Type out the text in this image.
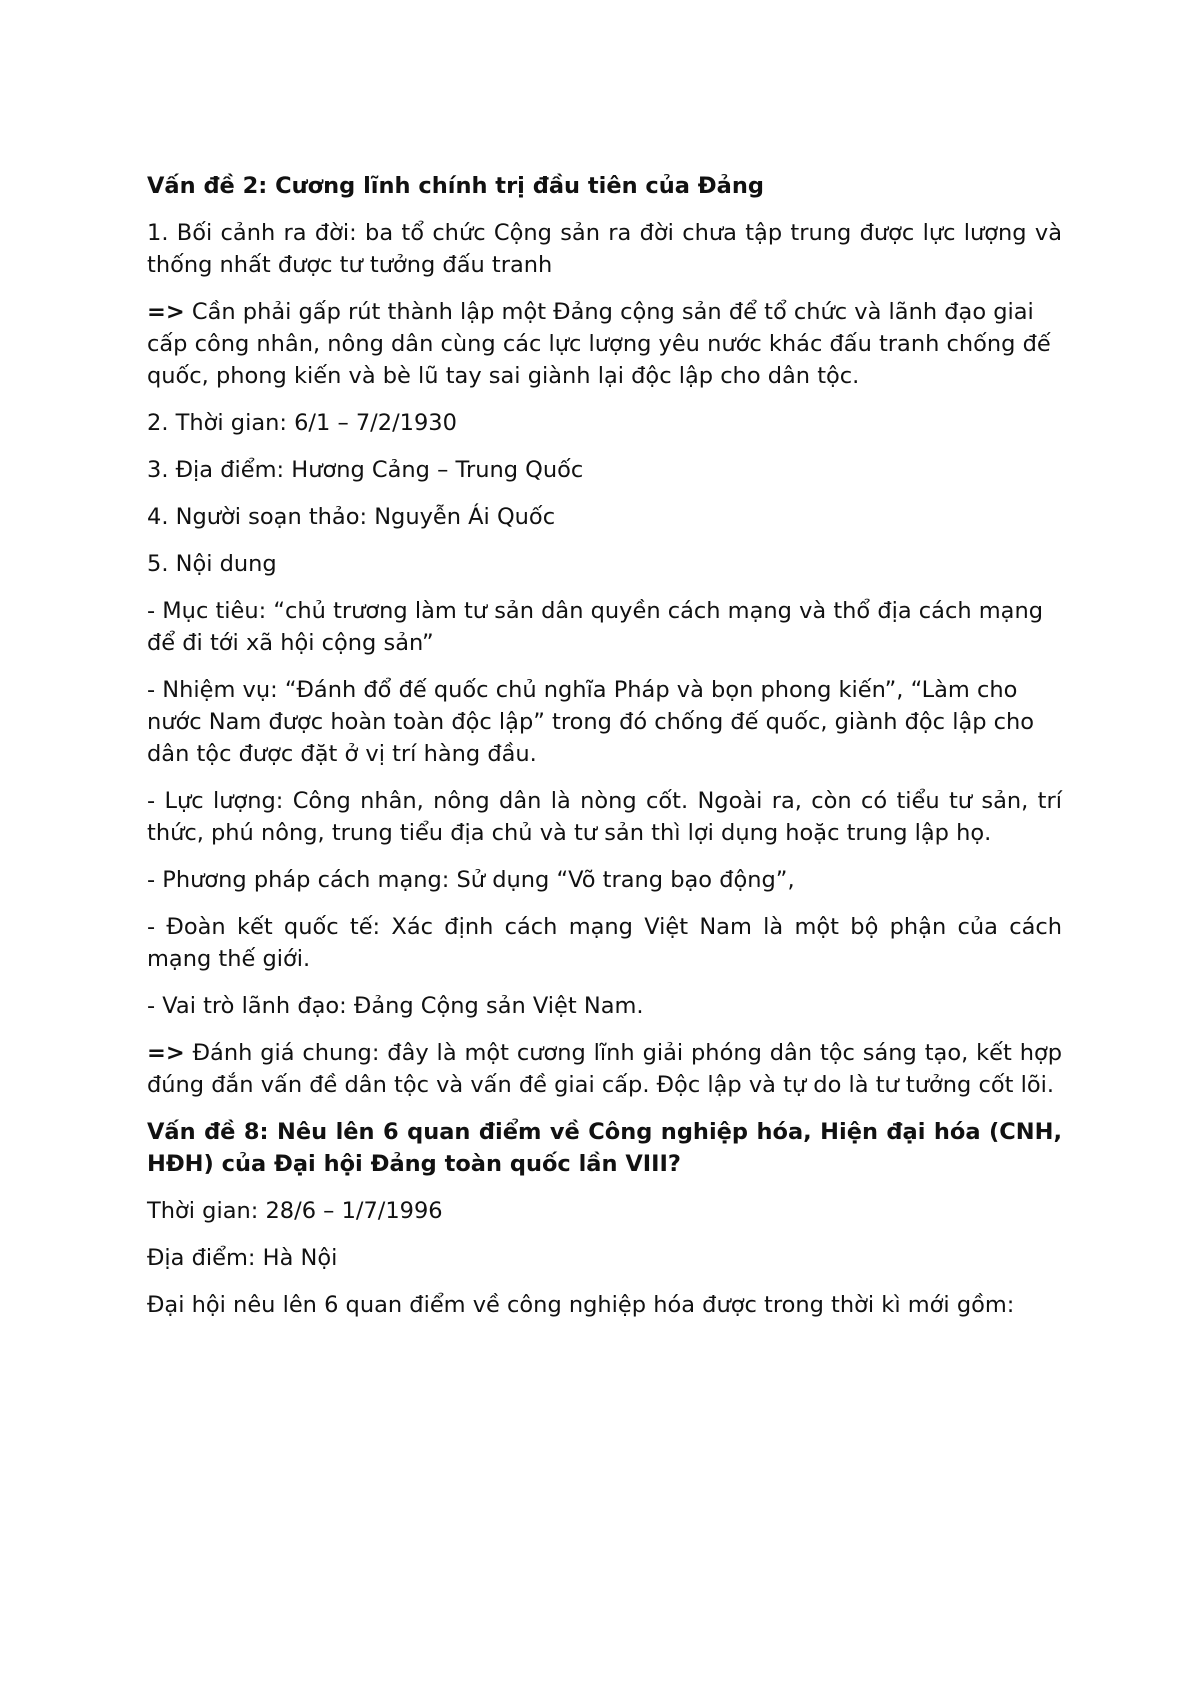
Vấn đề 2: Cương lĩnh chính trị đầu tiên của Đảng

1. Bối cảnh ra đời: ba tổ chức Cộng sản ra đời chưa tập trung được lực lượng và thống nhất được tư tưởng đấu tranh

=> Cần phải gấp rút thành lập một Đảng cộng sản để tổ chức và lãnh đạo giai cấp công nhân, nông dân cùng các lực lượng yêu nước khác đấu tranh chống đế quốc, phong kiến và bè lũ tay sai giành lại độc lập cho dân tộc.

2. Thời gian: 6/1 – 7/2/1930

3. Địa điểm: Hương Cảng – Trung Quốc

4. Người soạn thảo: Nguyễn Ái Quốc

5. Nội dung

- Mục tiêu: “chủ trương làm tư sản dân quyền cách mạng và thổ địa cách mạng để đi tới xã hội cộng sản”

- Nhiệm vụ: “Đánh đổ đế quốc chủ nghĩa Pháp và bọn phong kiến”, “Làm cho nước Nam được hoàn toàn độc lập” trong đó chống đế quốc, giành độc lập cho dân tộc được đặt ở vị trí hàng đầu.

- Lực lượng: Công nhân, nông dân là nòng cốt. Ngoài ra, còn có tiểu tư sản, trí thức, phú nông, trung tiểu địa chủ và tư sản thì lợi dụng hoặc trung lập họ.

- Phương pháp cách mạng: Sử dụng “Võ trang bạo động”,

- Đoàn kết quốc tế: Xác định cách mạng Việt Nam là một bộ phận của cách mạng thế giới.

- Vai trò lãnh đạo: Đảng Cộng sản Việt Nam.

=> Đánh giá chung: đây là một cương lĩnh giải phóng dân tộc sáng tạo, kết hợp đúng đắn vấn đề dân tộc và vấn đề giai cấp. Độc lập và tự do là tư tưởng cốt lõi.

Vấn đề 8: Nêu lên 6 quan điểm về Công nghiệp hóa, Hiện đại hóa (CNH, HĐH) của Đại hội Đảng toàn quốc lần VIII?

Thời gian: 28/6 – 1/7/1996

Địa điểm: Hà Nội

Đại hội nêu lên 6 quan điểm về công nghiệp hóa được trong thời kì mới gồm:
